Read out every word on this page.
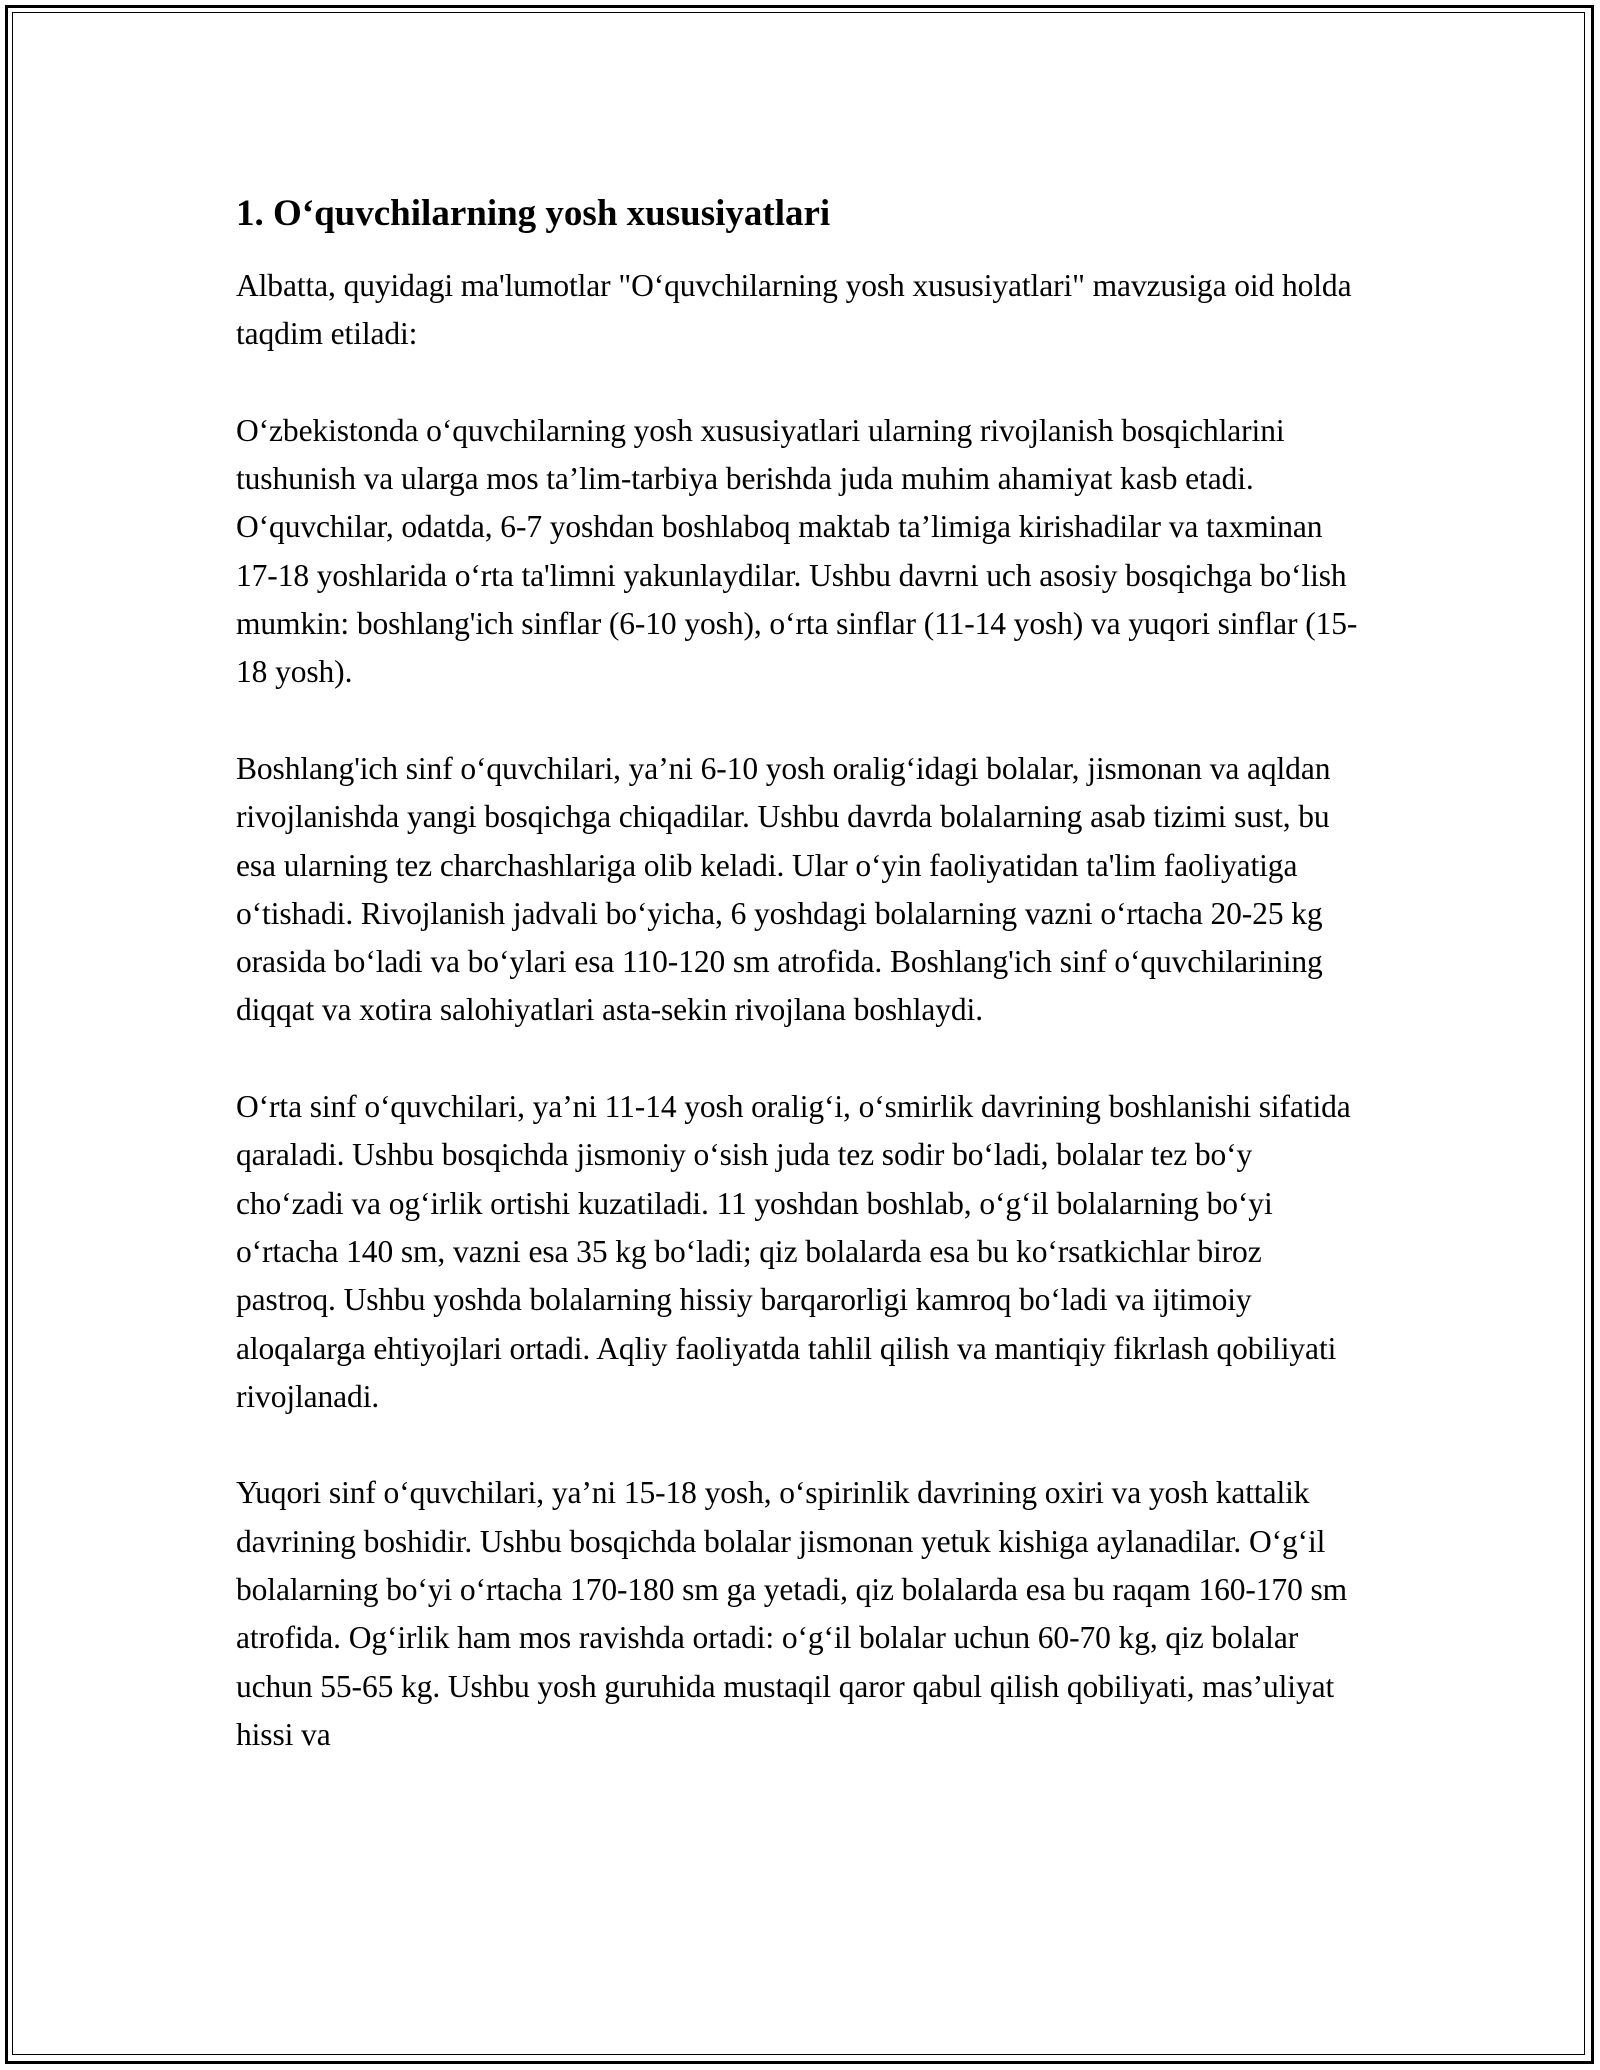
1. O‘quvchilarning yosh xususiyatlari

Albatta, quyidagi ma'lumotlar "O‘quvchilarning yosh xususiyatlari" mavzusiga oid holda taqdim etiladi:

O‘zbekistonda o‘quvchilarning yosh xususiyatlari ularning rivojlanish bosqichlarini tushunish va ularga mos ta’lim-tarbiya berishda juda muhim ahamiyat kasb etadi. O‘quvchilar, odatda, 6-7 yoshdan boshlaboq maktab ta’limiga kirishadilar va taxminan 17-18 yoshlarida o‘rta ta'limni yakunlaydilar. Ushbu davrni uch asosiy bosqichga bo‘lish mumkin: boshlang'ich sinflar (6-10 yosh), o‘rta sinflar (11-14 yosh) va yuqori sinflar (15-18 yosh).

Boshlang'ich sinf o‘quvchilari, ya’ni 6-10 yosh oralig‘idagi bolalar, jismonan va aqldan rivojlanishda yangi bosqichga chiqadilar. Ushbu davrda bolalarning asab tizimi sust, bu esa ularning tez charchashlariga olib keladi. Ular o‘yin faoliyatidan ta'lim faoliyatiga o‘tishadi. Rivojlanish jadvali bo‘yicha, 6 yoshdagi bolalarning vazni o‘rtacha 20-25 kg orasida bo‘ladi va bo‘ylari esa 110-120 sm atrofida. Boshlang'ich sinf o‘quvchilarining diqqat va xotira salohiyatlari asta-sekin rivojlana boshlaydi.

O‘rta sinf o‘quvchilari, ya’ni 11-14 yosh oralig‘i, o‘smirlik davrining boshlanishi sifatida qaraladi. Ushbu bosqichda jismoniy o‘sish juda tez sodir bo‘ladi, bolalar tez bo‘y cho‘zadi va og‘irlik ortishi kuzatiladi. 11 yoshdan boshlab, o‘g‘il bolalarning bo‘yi o‘rtacha 140 sm, vazni esa 35 kg bo‘ladi; qiz bolalarda esa bu ko‘rsatkichlar biroz pastroq. Ushbu yoshda bolalarning hissiy barqarorligi kamroq bo‘ladi va ijtimoiy aloqalarga ehtiyojlari ortadi. Aqliy faoliyatda tahlil qilish va mantiqiy fikrlash qobiliyati rivojlanadi.

Yuqori sinf o‘quvchilari, ya’ni 15-18 yosh, o‘spirinlik davrining oxiri va yosh kattalik davrining boshidir. Ushbu bosqichda bolalar jismonan yetuk kishiga aylanadilar. O‘g‘il bolalarning bo‘yi o‘rtacha 170-180 sm ga yetadi, qiz bolalarda esa bu raqam 160-170 sm atrofida. Og‘irlik ham mos ravishda ortadi: o‘g‘il bolalar uchun 60-70 kg, qiz bolalar uchun 55-65 kg. Ushbu yosh guruhida mustaqil qaror qabul qilish qobiliyati, mas’uliyat hissi va
